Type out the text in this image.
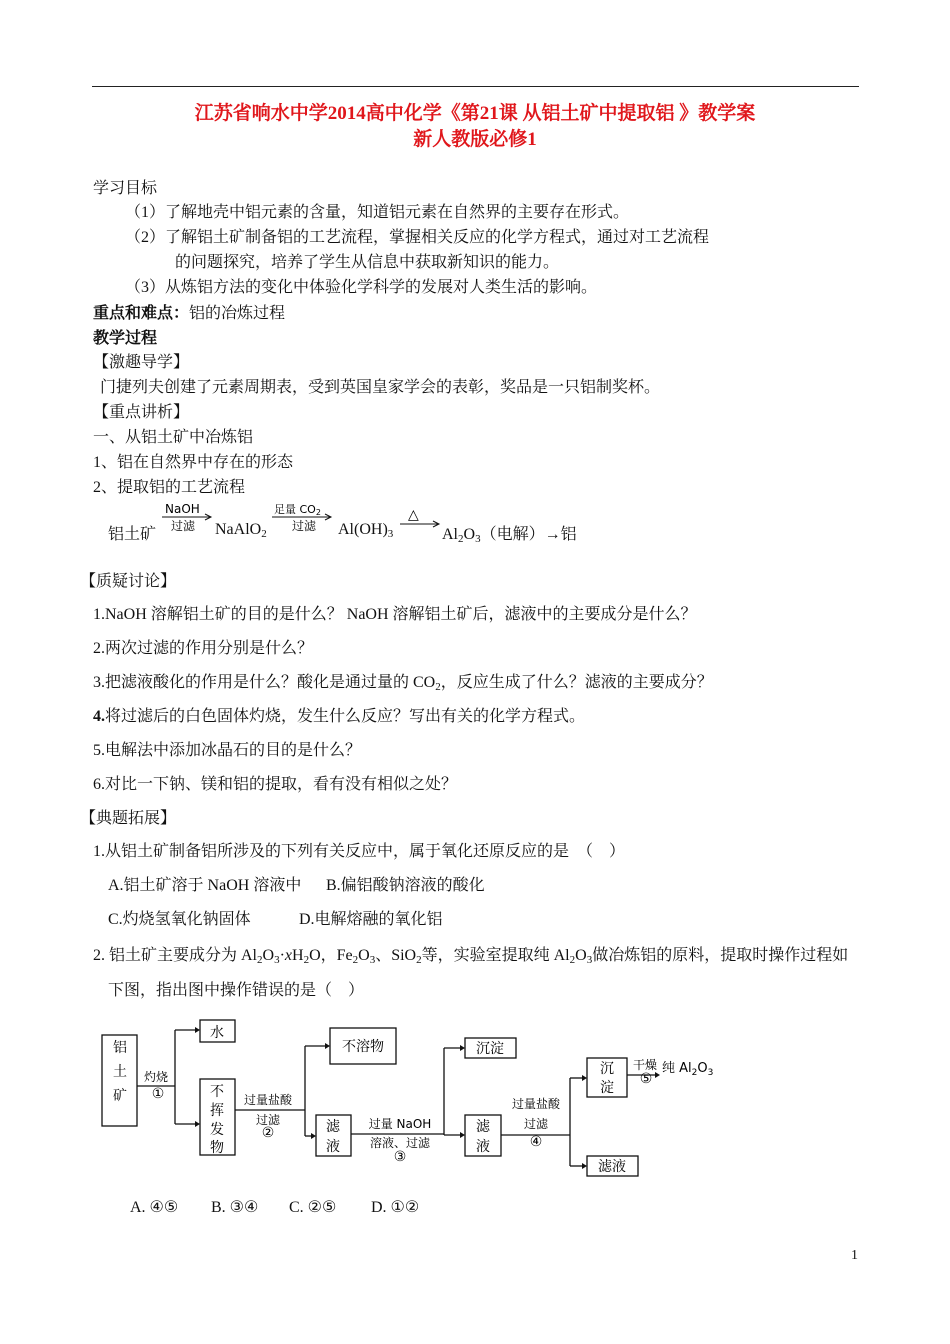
江苏省响水中学2014高中化学《第21课 从铝土矿中提取铝 》教学案
新人教版必修1
学习目标
（1）了解地壳中铝元素的含量，知道铝元素在自然界的主要存在形式。
（2）了解铝土矿制备铝的工艺流程，掌握相关反应的化学方程式，通过对工艺流程
的问题探究，培养了学生从信息中获取新知识的能力。
（3）从炼铝方法的变化中体验化学科学的发展对人类生活的影响。
重点和难点：铝的冶炼过程
教学过程
【激趣导学】
门捷列夫创建了元素周期表，受到英国皇家学会的表彰，奖品是一只铝制奖杯。
【重点讲析】
一、从铝土矿中冶炼铝
1、铝在自然界中存在的形态
2、提取铝的工艺流程
铝土矿
NaOH
过滤 NaAlO$_2$
足量 CO2
过滤 $Al(OH)_3$
△
$Al_2O_3$（电解）→铝
【质疑讨论】
1.NaOH 溶解铝土矿的目的是什么？ NaOH 溶解铝土矿后，滤液中的主要成分是什么？
2.两次过滤的作用分别是什么？
3.把滤液酸化的作用是什么？酸化是通过量的 $CO_2$，反应生成了什么？滤液的主要成分？
4.将过滤后的白色固体灼烧，发生什么反应？写出有关的化学方程式。
5.电解法中添加冰晶石的目的是什么？
6.对比一下钠、镁和铝的提取，看有没有相似之处？
【典题拓展】
1.从铝土矿制备铝所涉及的下列有关反应中，属于氧化还原反应的是　（　）
A.铝土矿溶于 NaOH 溶液中 B.偏铝酸钠溶液的酸化
C.灼烧氢氧化钠固体	D.电解熔融的氧化铝
2. 铝土矿主要成分为 $Al_2O_3\cdot xH_2O$，$Fe_2O_3$、SiO$_2$等，实验室提取纯 $Al_2O_3$做冶炼铝的原料，提取时操作过程如
下图，指出图中操作错误的是（　）
铝
土
矿
水
不
挥
发
物
不溶物
滤
液
沉淀
滤
液
沉
淀
滤液
灼烧
①	过量盐酸
过滤
②
过量 NaOH
溶液、过滤
③
过量盐酸
过滤
④
干燥
⑤
纯 $Al_2O_3$
A. ④⑤ B. ③④ C. ②⑤ D. ①②
1
